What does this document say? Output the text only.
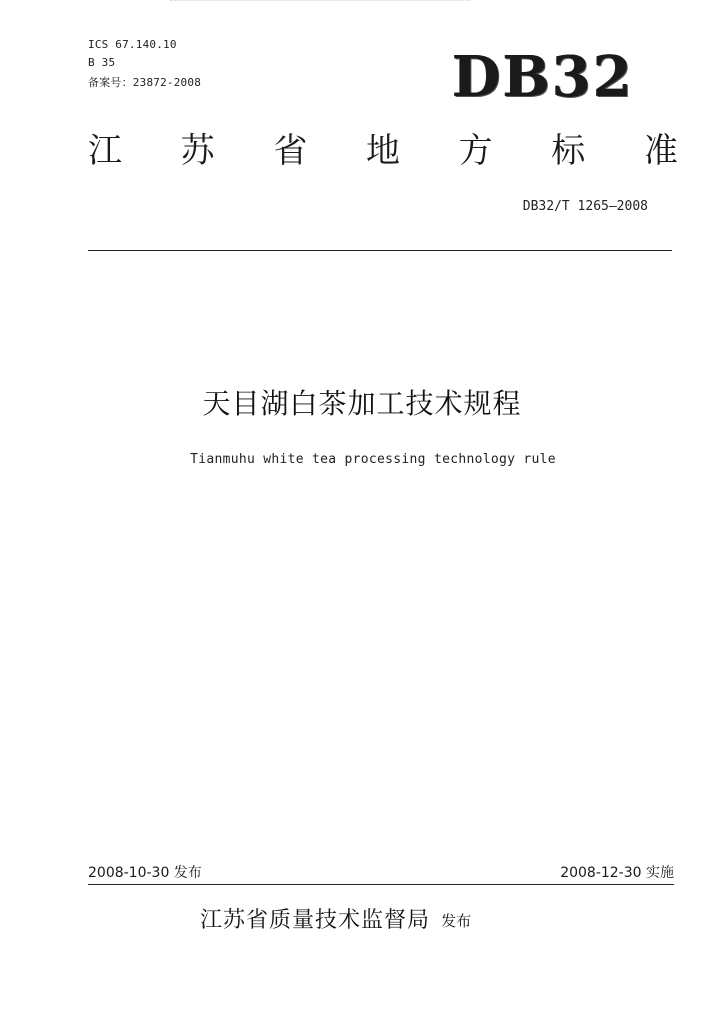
ICS 67.140.10
B 35
备案号：23872-2008	DB32
江 苏 省 地 方 标 准
DB32/T 1265—2008
天目湖白茶加工技术规程
Tianmuhu white tea processing technology rule
2008-10-30 发布	2008-12-30 实施
江苏省质量技术监督局 发布
